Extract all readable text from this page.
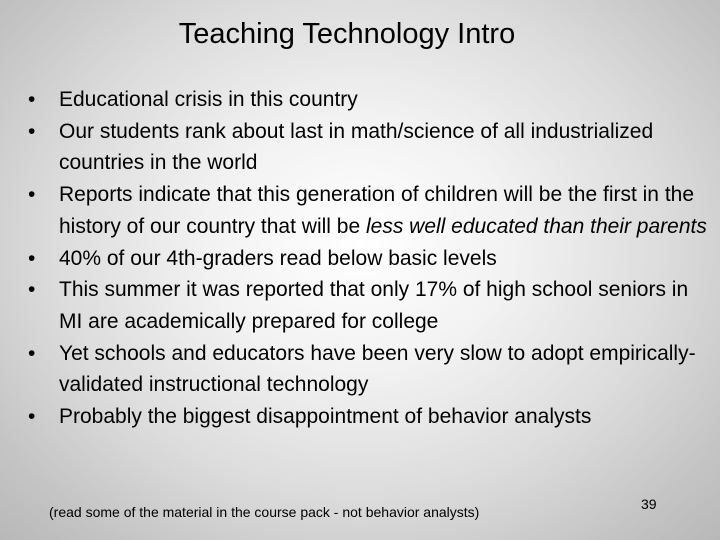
Teaching Technology Intro
• Educational crisis in this country
• Our students rank about last in math/science of all industrialized countries in the world
• Reports indicate that this generation of children will be the first in the history of our country that will be less well educated than their parents
• 40% of our 4th-graders read below basic levels
• This summer it was reported that only 17% of high school seniors in MI are academically prepared for college
• Yet schools and educators have been very slow to adopt empirically-validated instructional technology
• Probably the biggest disappointment of behavior analysts
(read some of the material in the course pack - not behavior analysts)	39
